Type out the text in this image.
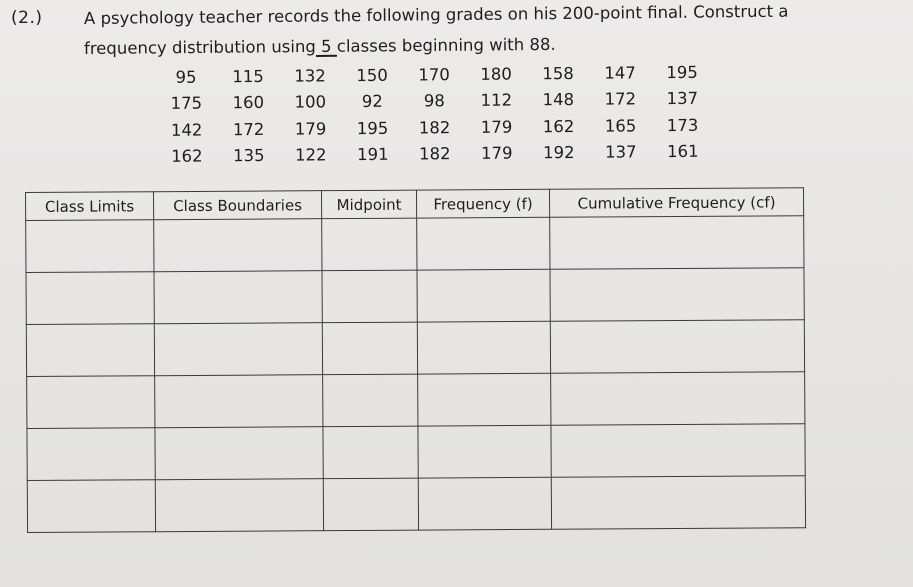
(2.)	A psychology teacher records the following grades on his 200-point final. Construct a
frequency distribution using 5 classes beginning with 88.
95	115	132	150	170	180	158	147	195
175	160	100	92	98	112	148	172	137
142	172	179	195	182	179	162	165	173
162	135	122	191	182	179	192	137	161
Class Limits	Class Boundaries	Midpoint	Frequency (f)	Cumulative Frequency (cf)
